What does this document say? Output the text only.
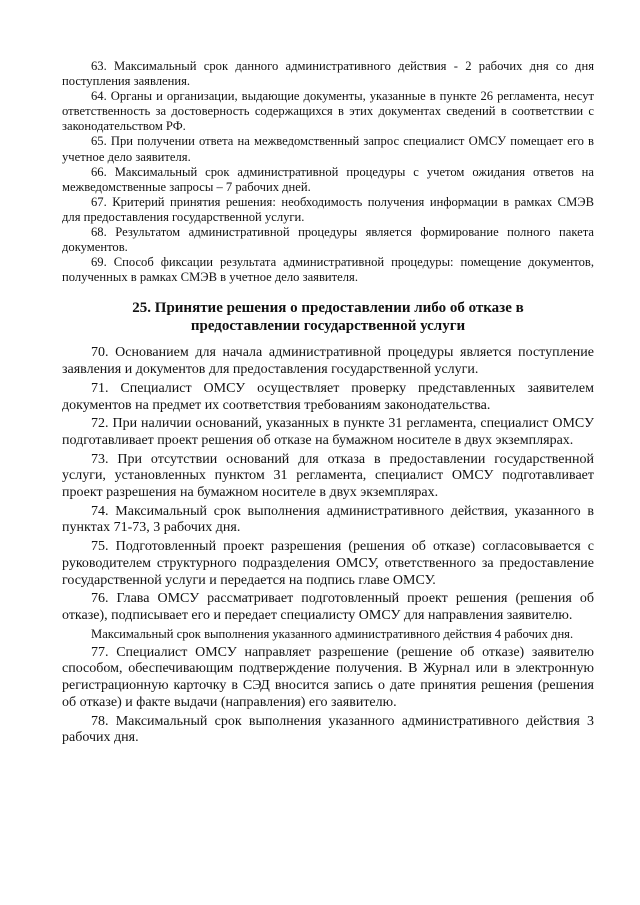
63. Максимальный срок данного административного действия - 2 рабочих дня со дня поступления заявления.

64. Органы и организации, выдающие документы, указанные в пункте 26 регламента, несут ответственность за достоверность содержащихся в этих документах сведений в соответствии с законодательством РФ.

65. При получении ответа на межведомственный запрос специалист ОМСУ помещает его в учетное дело заявителя.

66. Максимальный срок административной процедуры с учетом ожидания ответов на межведомственные запросы – 7 рабочих дней.

67. Критерий принятия решения: необходимость получения информации в рамках СМЭВ для предоставления государственной услуги.

68. Результатом административной процедуры является формирование полного пакета документов.

69. Способ фиксации результата административной процедуры: помещение документов, полученных в рамках СМЭВ в учетное дело заявителя.

25. Принятие решения о предоставлении либо об отказе в
предоставлении государственной услуги

70. Основанием для начала административной процедуры является поступление заявления и документов для предоставления государственной услуги.

71. Специалист ОМСУ осуществляет проверку представленных заявителем документов на предмет их соответствия требованиям законодательства.

72. При наличии оснований, указанных в пункте 31 регламента, специалист ОМСУ подготавливает проект решения об отказе на бумажном носителе в двух экземплярах.

73. При отсутствии оснований для отказа в предоставлении государственной услуги, установленных пунктом 31 регламента, специалист ОМСУ подготавливает проект разрешения на бумажном носителе в двух экземплярах.

74. Максимальный срок выполнения административного действия, указанного в пунктах 71-73, 3 рабочих дня.

75. Подготовленный проект разрешения (решения об отказе) согласовывается с руководителем структурного подразделения ОМСУ, ответственного за предоставление государственной услуги и передается на подпись главе ОМСУ.

76. Глава ОМСУ рассматривает подготовленный проект решения (решения об отказе), подписывает его и передает специалисту ОМСУ для направления заявителю.

Максимальный срок выполнения указанного административного действия 4 рабочих дня.

77. Специалист ОМСУ направляет разрешение (решение об отказе) заявителю способом, обеспечивающим подтверждение получения. В Журнал или в электронную регистрационную карточку в СЭД вносится запись о дате принятия решения (решения об отказе) и факте выдачи (направления) его заявителю.

78. Максимальный срок выполнения указанного административного действия 3 рабочих дня.
